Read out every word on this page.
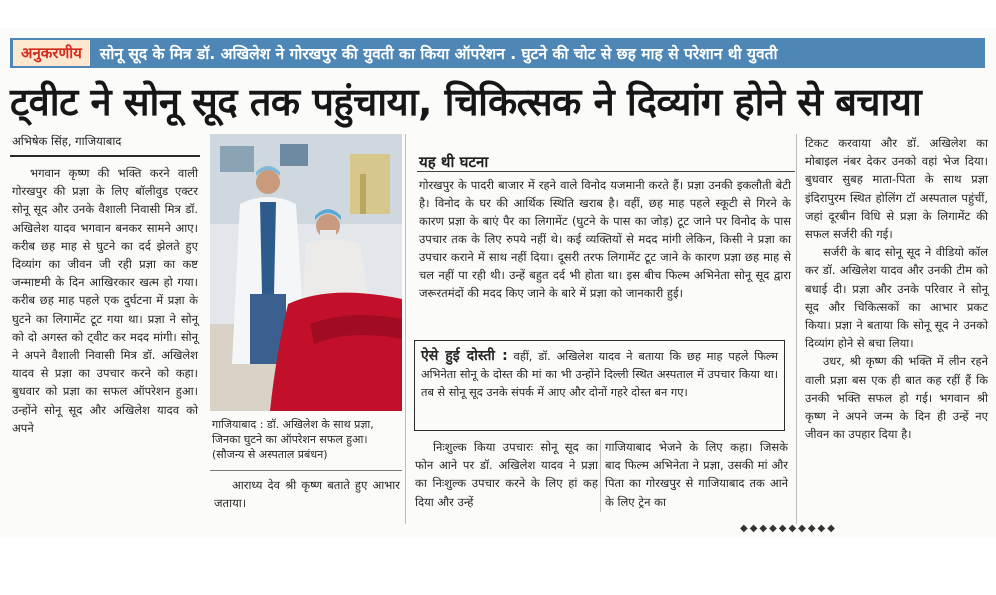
अनुकरणीय	सोनू सूद के मित्र डॉ. अखिलेश ने गोरखपुर की युवती का किया ऑपरेशन . घुटने की चोट से छह माह से परेशान थी युवती
ट्वीट ने सोनू सूद तक पहुंचाया, चिकित्सक ने दिव्यांग होने से बचाया
अभिषेक सिंह, गाजियाबाद

भगवान कृष्ण की भक्ति करने वाली गोरखपुर की प्रज्ञा के लिए बॉलीवुड एक्टर सोनू सूद और उनके वैशाली निवासी मित्र डॉ. अखिलेश यादव भगवान बनकर सामने आए। करीब छह माह से घुटने का दर्द झेलते हुए दिव्यांग का जीवन जी रही प्रज्ञा का कष्ट जन्माष्टमी के दिन आखिरकार खत्म हो गया। करीब छह माह पहले एक दुर्घटना में प्रज्ञा के घुटने का लिगामेंट टूट गया था। प्रज्ञा ने सोनू को दो अगस्त को ट्वीट कर मदद मांगी। सोनू ने अपने वैशाली निवासी मित्र डॉ. अखिलेश यादव से प्रज्ञा का उपचार करने को कहा। बुधवार को प्रज्ञा का सफल ऑपरेशन हुआ। उन्होंने सोनू सूद और अखिलेश यादव को अपने	गाजियाबाद : डॉ. अखिलेश के साथ प्रज्ञा, जिनका घुटने का ऑपरेशन सफल हुआ। (सौजन्य से अस्पताल प्रबंधन)

आराध्य देव श्री कृष्ण बताते हुए आभार जताया।

यह थी घटना

गोरखपुर के पादरी बाजार में रहने वाले विनोद यजमानी करते हैं। प्रज्ञा उनकी इकलौती बेटी है। विनोद के घर की आर्थिक स्थिति खराब है। वहीं, छह माह पहले स्कूटी से गिरने के कारण प्रज्ञा के बाएं पैर का लिगामेंट (घुटने के पास का जोड़) टूट जाने पर विनोद के पास उपचार तक के लिए रुपये नहीं थे। कई व्यक्तियों से मदद मांगी लेकिन, किसी ने प्रज्ञा का उपचार कराने में साथ नहीं दिया। दूसरी तरफ लिगामेंट टूट जाने के कारण प्रज्ञा छह माह से चल नहीं पा रही थी। उन्हें बहुत दर्द भी होता था। इस बीच फिल्म अभिनेता सोनू सूद द्वारा जरूरतमंदों की मदद किए जाने के बारे में प्रज्ञा को जानकारी हुई।

ऐसे हुई दोस्ती : वहीं, डॉ. अखिलेश यादव ने बताया कि छह माह पहले फिल्म अभिनेता सोनू के दोस्त की मां का भी उन्होंने दिल्ली स्थित अस्पताल में उपचार किया था। तब से सोनू सूद उनके संपर्क में आए और दोनों गहरे दोस्त बन गए।

निःशुल्क किया उपचारः सोनू सूद का फोन आने पर डॉ. अखिलेश यादव ने प्रज्ञा का निःशुल्क उपचार करने के लिए हां कह दिया और उन्हें

गाजियाबाद भेजने के लिए कहा। जिसके बाद फिल्म अभिनेता ने प्रज्ञा, उसकी मां और पिता का गोरखपुर से गाजियाबाद तक आने के लिए ट्रेन का

टिकट करवाया और डॉ. अखिलेश का मोबाइल नंबर देकर उनको वहां भेज दिया। बुधवार सुबह माता-पिता के साथ प्रज्ञा इंदिरापुरम स्थित होलिंग टॉ अस्पताल पहुंचीं, जहां दूरबीन विधि से प्रज्ञा के लिगामेंट की सफल सर्जरी की गई।

सर्जरी के बाद सोनू सूद ने वीडियो कॉल कर डॉ. अखिलेश यादव और उनकी टीम को बधाई दी। प्रज्ञा और उनके परिवार ने सोनू सूद और चिकित्सकों का आभार प्रकट किया। प्रज्ञा ने बताया कि सोनू सूद ने उनको दिव्यांग होने से बचा लिया।

उधर, श्री कृष्ण की भक्ति में लीन रहने वाली प्रज्ञा बस एक ही बात कह रहीं हैं कि उनकी भक्ति सफल हो गई। भगवान श्री कृष्ण ने अपने जन्म के दिन ही उन्हें नए जीवन का उपहार दिया है।

◆◆◆◆◆◆◆◆◆◆
